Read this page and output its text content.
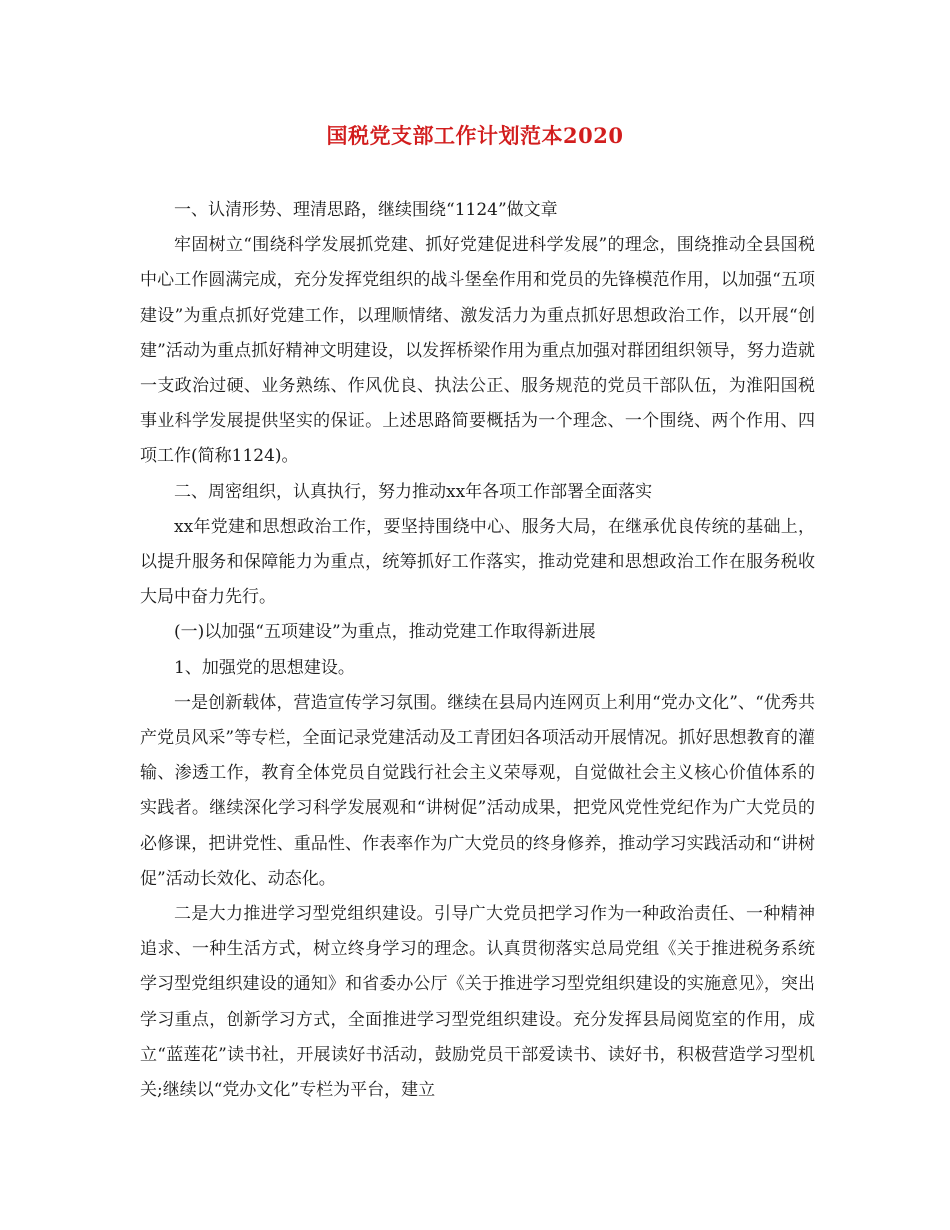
国税党支部工作计划范本2020

一、认清形势、理清思路，继续围绕“1124”做文章

牢固树立“围绕科学发展抓党建、抓好党建促进科学发展”的理念，围绕推动全县国税中心工作圆满完成，充分发挥党组织的战斗堡垒作用和党员的先锋模范作用，以加强“五项建设”为重点抓好党建工作，以理顺情绪、激发活力为重点抓好思想政治工作，以开展“创建”活动为重点抓好精神文明建设，以发挥桥梁作用为重点加强对群团组织领导，努力造就一支政治过硬、业务熟练、作风优良、执法公正、服务规范的党员干部队伍，为淮阳国税事业科学发展提供坚实的保证。上述思路简要概括为一个理念、一个围绕、两个作用、四项工作(简称1124)。

二、周密组织，认真执行，努力推动xx年各项工作部署全面落实

xx年党建和思想政治工作，要坚持围绕中心、服务大局，在继承优良传统的基础上，以提升服务和保障能力为重点，统筹抓好工作落实，推动党建和思想政治工作在服务税收大局中奋力先行。

(一)以加强“五项建设”为重点，推动党建工作取得新进展

1、加强党的思想建设。

一是创新载体，营造宣传学习氛围。继续在县局内连网页上利用“党办文化”、“优秀共产党员风采”等专栏，全面记录党建活动及工青团妇各项活动开展情况。抓好思想教育的灌输、渗透工作，教育全体党员自觉践行社会主义荣辱观，自觉做社会主义核心价值体系的实践者。继续深化学习科学发展观和“讲树促”活动成果，把党风党性党纪作为广大党员的必修课，把讲党性、重品性、作表率作为广大党员的终身修养，推动学习实践活动和“讲树促”活动长效化、动态化。

二是大力推进学习型党组织建设。引导广大党员把学习作为一种政治责任、一种精神追求、一种生活方式，树立终身学习的理念。认真贯彻落实总局党组《关于推进税务系统学习型党组织建设的通知》和省委办公厅《关于推进学习型党组织建设的实施意见》，突出学习重点，创新学习方式，全面推进学习型党组织建设。充分发挥县局阅览室的作用，成立“蓝莲花”读书社，开展读好书活动，鼓励党员干部爱读书、读好书，积极营造学习型机关;继续以“党办文化”专栏为平台，建立
